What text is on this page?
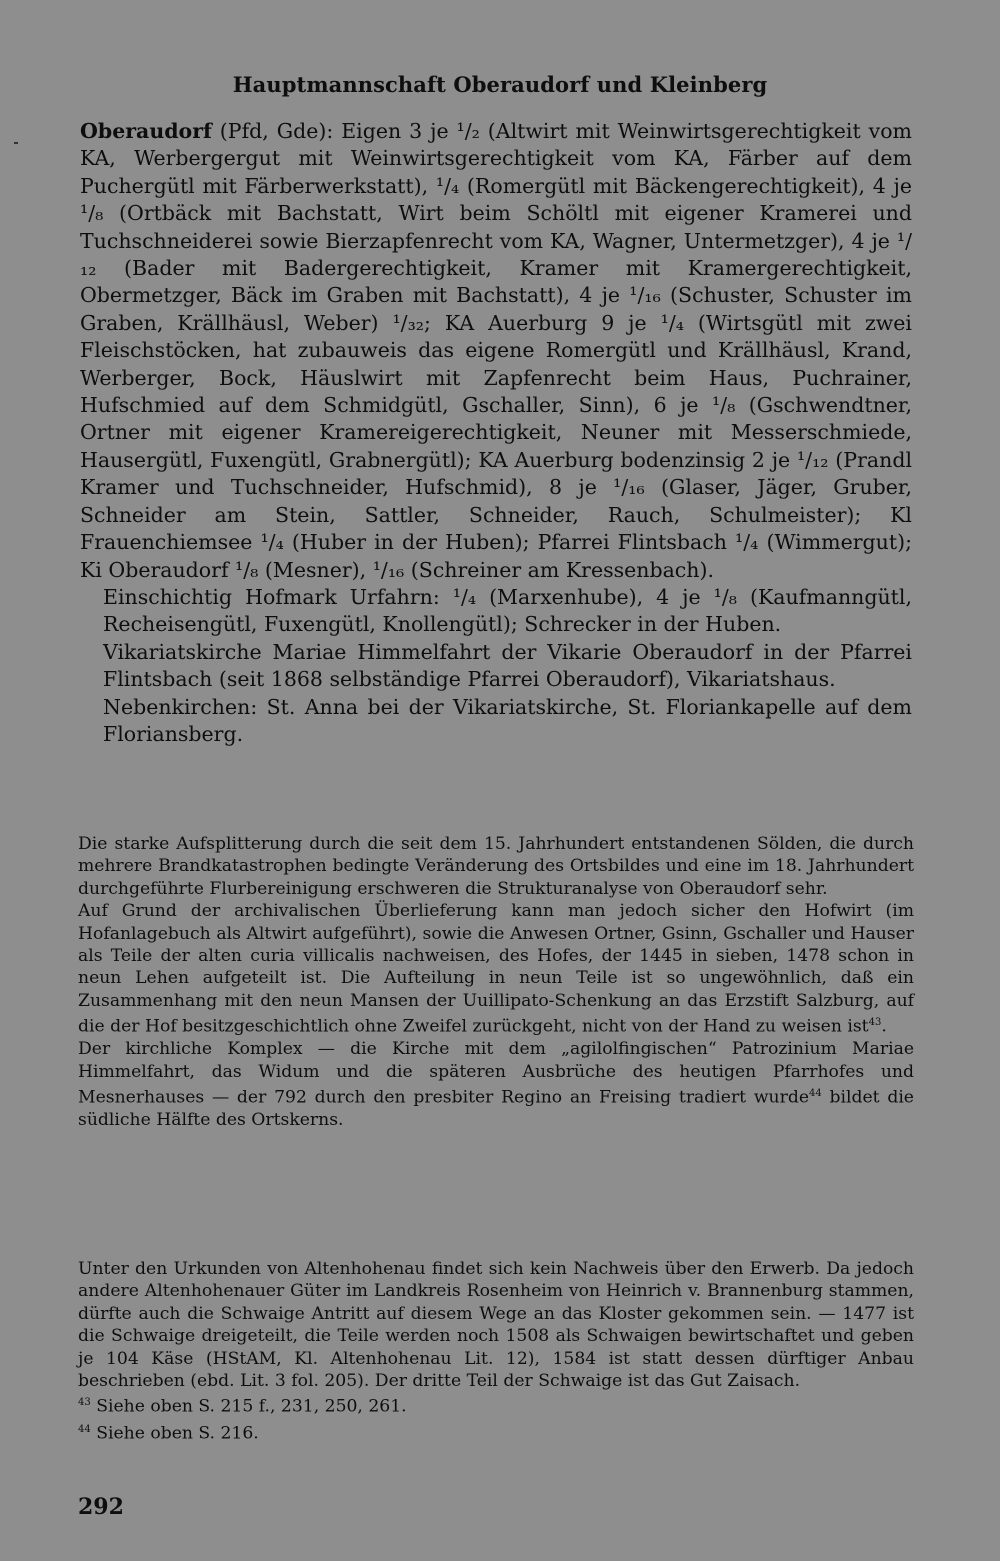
Hauptmannschaft Oberaudorf und Kleinberg

Oberaudorf (Pfd, Gde): Eigen 3 je ¹/₂ (Altwirt mit Weinwirtsgerechtigkeit vom KA, Werbergergut mit Weinwirtsgerechtigkeit vom KA, Färber auf dem Puchergütl mit Färberwerkstatt), ¹/₄ (Romergütl mit Bäckengerechtigkeit), 4 je ¹/₈ (Ortbäck mit Bachstatt, Wirt beim Schöltl mit eigener Kramerei und Tuchschneiderei sowie Bierzapfenrecht vom KA, Wagner, Untermetzger), 4 je ¹/₁₂ (Bader mit Badergerechtigkeit, Kramer mit Kramergerechtigkeit, Obermetzger, Bäck im Graben mit Bachstatt), 4 je ¹/₁₆ (Schuster, Schuster im Graben, Krällhäusl, Weber) ¹/₃₂; KA Auerburg 9 je ¹/₄ (Wirtsgütl mit zwei Fleischstöcken, hat zubauweis das eigene Romergütl und Krällhäusl, Krand, Werberger, Bock, Häuslwirt mit Zapfenrecht beim Haus, Puchrainer, Hufschmied auf dem Schmidgütl, Gschaller, Sinn), 6 je ¹/₈ (Gschwendtner, Ortner mit eigener Kramereigerechtigkeit, Neuner mit Messerschmiede, Hausergütl, Fuxengütl, Grabnergütl); KA Auerburg bodenzinsig 2 je ¹/₁₂ (Prandl Kramer und Tuchschneider, Hufschmid), 8 je ¹/₁₆ (Glaser, Jäger, Gruber, Schneider am Stein, Sattler, Schneider, Rauch, Schulmeister); Kl Frauenchiemsee ¹/₄ (Huber in der Huben); Pfarrei Flintsbach ¹/₄ (Wimmergut); Ki Oberaudorf ¹/₈ (Mesner), ¹/₁₆ (Schreiner am Kressenbach).

Einschichtig Hofmark Urfahrn: ¹/₄ (Marxenhube), 4 je ¹/₈ (Kaufmanngütl, Recheisengütl, Fuxengütl, Knollengütl); Schrecker in der Huben.

Vikariatskirche Mariae Himmelfahrt der Vikarie Oberaudorf in der Pfarrei Flintsbach (seit 1868 selbständige Pfarrei Oberaudorf), Vikariatshaus.

Nebenkirchen: St. Anna bei der Vikariatskirche, St. Floriankapelle auf dem Floriansberg.

Die starke Aufsplitterung durch die seit dem 15. Jahrhundert entstandenen Sölden, die durch mehrere Brandkatastrophen bedingte Veränderung des Ortsbildes und eine im 18. Jahrhundert durchgeführte Flurbereinigung erschweren die Strukturanalyse von Oberaudorf sehr.

Auf Grund der archivalischen Überlieferung kann man jedoch sicher den Hofwirt (im Hofanlagebuch als Altwirt aufgeführt), sowie die Anwesen Ortner, Gsinn, Gschaller und Hauser als Teile der alten curia villicalis nachweisen, des Hofes, der 1445 in sieben, 1478 schon in neun Lehen aufgeteilt ist. Die Aufteilung in neun Teile ist so ungewöhnlich, daß ein Zusammenhang mit den neun Mansen der Uuillipato-Schenkung an das Erzstift Salzburg, auf die der Hof besitzgeschichtlich ohne Zweifel zurückgeht, nicht von der Hand zu weisen ist$^{43}$.

Der kirchliche Komplex — die Kirche mit dem „agilolfingischen“ Patrozinium Mariae Himmelfahrt, das Widum und die späteren Ausbrüche des heutigen Pfarrhofes und Mesnerhauses — der 792 durch den presbiter Regino an Freising tradiert wurde$^{44}$ bildet die südliche Hälfte des Ortskerns.

Unter den Urkunden von Altenhohenau findet sich kein Nachweis über den Erwerb. Da jedoch andere Altenhohenauer Güter im Landkreis Rosenheim von Heinrich v. Brannenburg stammen, dürfte auch die Schwaige Antritt auf diesem Wege an das Kloster gekommen sein. — 1477 ist die Schwaige dreigeteilt, die Teile werden noch 1508 als Schwaigen bewirtschaftet und geben je 104 Käse (HStAM, Kl. Altenhohenau Lit. 12), 1584 ist statt dessen dürftiger Anbau beschrieben (ebd. Lit. 3 fol. 205). Der dritte Teil der Schwaige ist das Gut Zaisach.

$^{43}$ Siehe oben S. 215 f., 231, 250, 261.

$^{44}$ Siehe oben S. 216.

292
